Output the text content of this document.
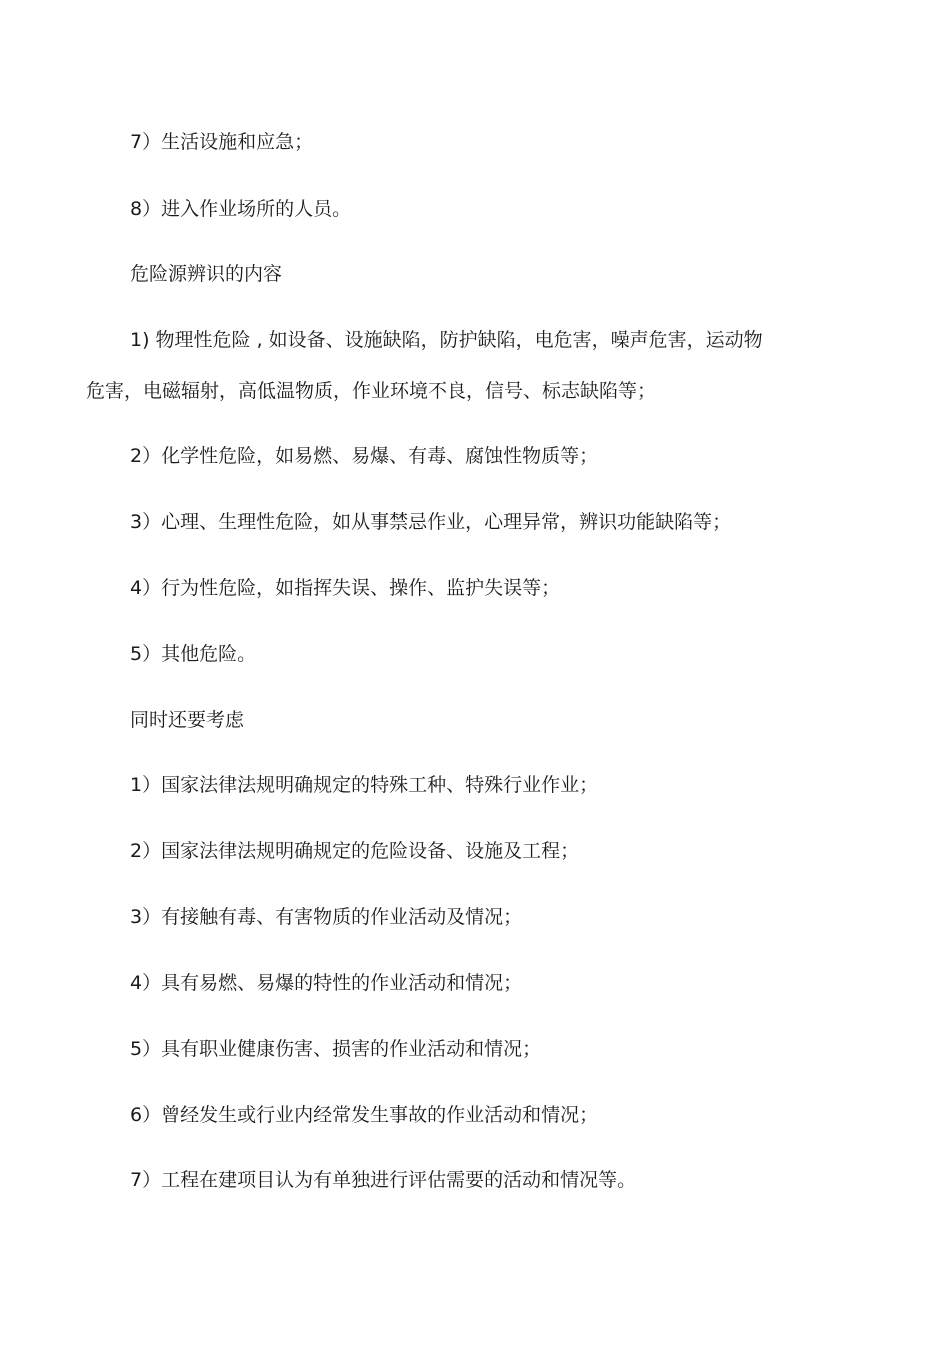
7）生活设施和应急；
8）进入作业场所的人员。
危险源辨识的内容
1) 物理性危险 , 如设备、设施缺陷，防护缺陷，电危害，噪声危害，运动物
危害，电磁辐射，高低温物质，作业环境不良，信号、标志缺陷等；
2）化学性危险，如易燃、易爆、有毒、腐蚀性物质等；
3）心理、生理性危险，如从事禁忌作业，心理异常，辨识功能缺陷等；
4）行为性危险，如指挥失误、操作、监护失误等；
5）其他危险。
同时还要考虑
1）国家法律法规明确规定的特殊工种、特殊行业作业；
2）国家法律法规明确规定的危险设备、设施及工程；
3）有接触有毒、有害物质的作业活动及情况；
4）具有易燃、易爆的特性的作业活动和情况；
5）具有职业健康伤害、损害的作业活动和情况；
6）曾经发生或行业内经常发生事故的作业活动和情况；
7）工程在建项目认为有单独进行评估需要的活动和情况等。
